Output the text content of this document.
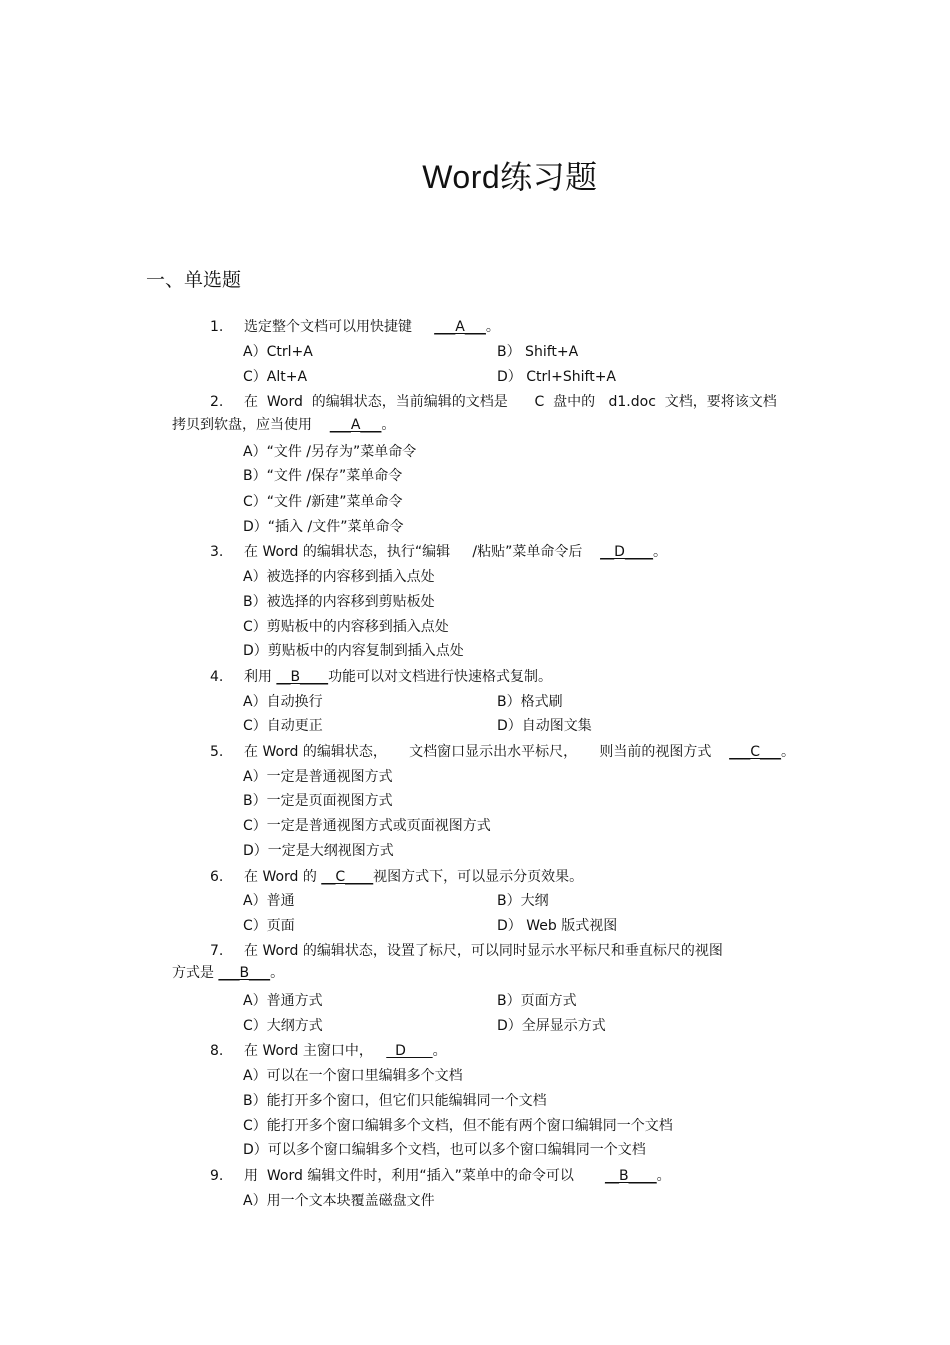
Word练习题
一、单选题
1. 选定整个文档可以用快捷键 ___A___。
A）Ctrl+A	B） Shift+A
C）Alt+A	D） Ctrl+Shift+A
2. 在  Word  的编辑状态，当前编辑的文档是      C  盘中的   d1.doc  文档，要将该文档
拷贝到软盘，应当使用 ___A___。
A）“文件 /另存为”菜单命令
B）“文件 /保存”菜单命令
C）“文件 /新建”菜单命令
D）“插入 /文件”菜单命令
3. 在 Word 的编辑状态，执行“编辑     /粘贴”菜单命令后 __D____。
A）被选择的内容移到插入点处
B）被选择的内容移到剪贴板处
C）剪贴板中的内容移到插入点处
D）剪贴板中的内容复制到插入点处
4. 利用 __B____功能可以对文档进行快速格式复制。
A）自动换行	B）格式刷
C）自动更正	D）自动图文集
5. 在 Word 的编辑状态，     文档窗口显示出水平标尺，     则当前的视图方式 ___C___。
A）一定是普通视图方式
B）一定是页面视图方式
C）一定是普通视图方式或页面视图方式
D）一定是大纲视图方式
6. 在 Word 的 __C____视图方式下，可以显示分页效果。
A）普通	B）大纲
C）页面	D） Web 版式视图
7. 在 Word 的编辑状态，设置了标尺，可以同时显示水平标尺和垂直标尺的视图
方式是 ___B___。
A）普通方式	B）页面方式
C）大纲方式	D）全屏显示方式
8. 在 Word 主窗口中，     D      。
A）可以在一个窗口里编辑多个文档
B）能打开多个窗口，但它们只能编辑同一个文档
C）能打开多个窗口编辑多个文档，但不能有两个窗口编辑同一个文档
D）可以多个窗口编辑多个文档，也可以多个窗口编辑同一个文档
9. 用  Word 编辑文件时，利用“插入”菜单中的命令可以 __B____。
A）用一个文本块覆盖磁盘文件
